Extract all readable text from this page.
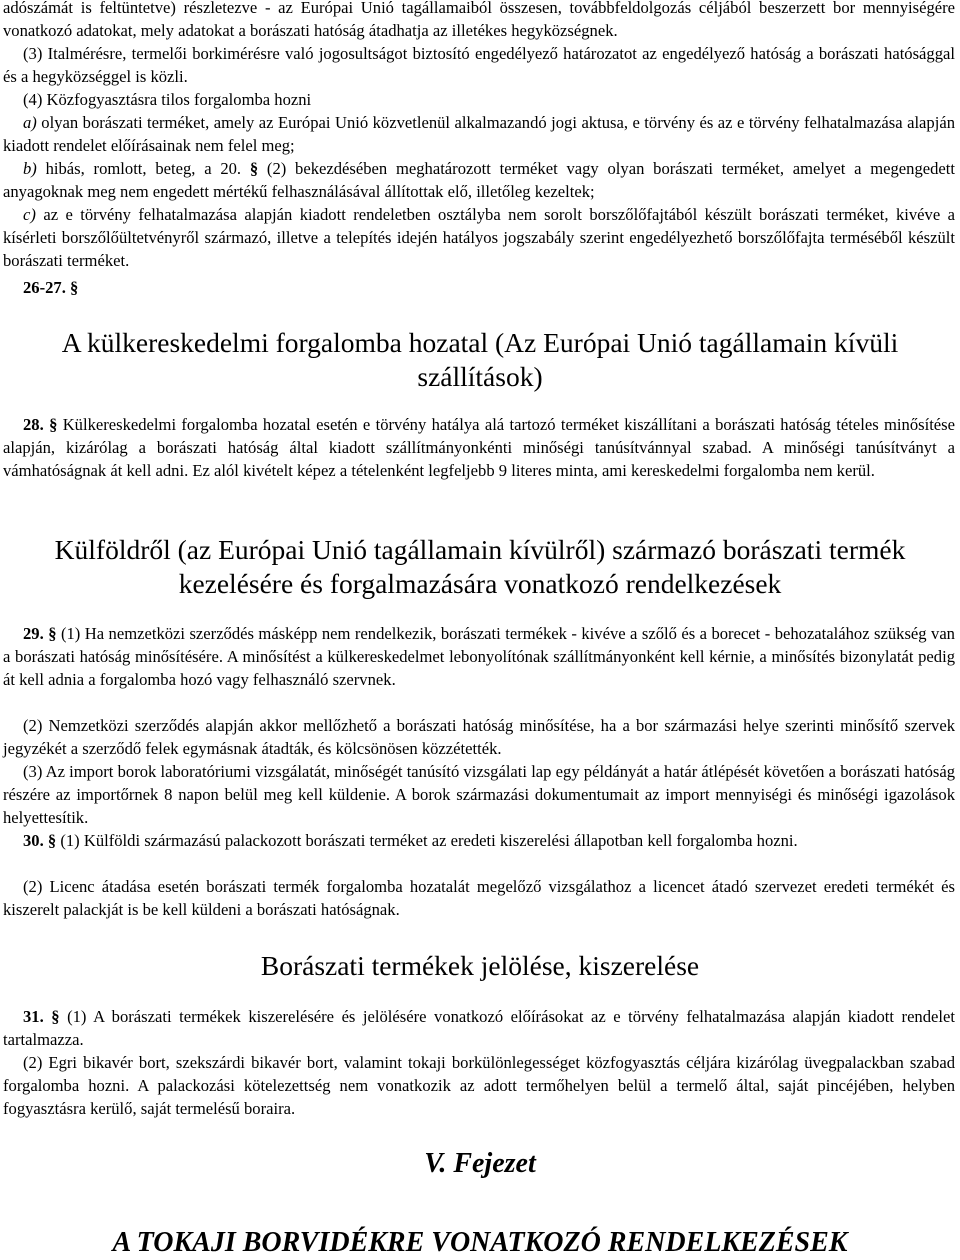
adószámát is feltüntetve) részletezve - az Európai Unió tagállamaiból összesen, továbbfeldolgozás céljából beszerzett bor mennyiségére vonatkozó adatokat, mely adatokat a borászati hatóság átadhatja az illetékes hegyközségnek.

(3) Italmérésre, termelői borkimérésre való jogosultságot biztosító engedélyező határozatot az engedélyező hatóság a borászati hatósággal és a hegyközséggel is közli.

(4) Közfogyasztásra tilos forgalomba hozni

a) olyan borászati terméket, amely az Európai Unió közvetlenül alkalmazandó jogi aktusa, e törvény és az e törvény felhatalmazása alapján kiadott rendelet előírásainak nem felel meg;

b) hibás, romlott, beteg, a 20. § (2) bekezdésében meghatározott terméket vagy olyan borászati terméket, amelyet a megengedett anyagoknak meg nem engedett mértékű felhasználásával állítottak elő, illetőleg kezeltek;

c) az e törvény felhatalmazása alapján kiadott rendeletben osztályba nem sorolt borszőlőfajtából készült borászati terméket, kivéve a kísérleti borszőlőültetvényről származó, illetve a telepítés idején hatályos jogszabály szerint engedélyezhető borszőlőfajta terméséből készült borászati terméket.

26-27. §

A külkereskedelmi forgalomba hozatal (Az Európai Unió tagállamain kívüli szállítások)

28. § Külkereskedelmi forgalomba hozatal esetén e törvény hatálya alá tartozó terméket kiszállítani a borászati hatóság tételes minősítése alapján, kizárólag a borászati hatóság által kiadott szállítmányonkénti minőségi tanúsítvánnyal szabad. A minőségi tanúsítványt a vámhatóságnak át kell adni. Ez alól kivételt képez a tételenként legfeljebb 9 literes minta, ami kereskedelmi forgalomba nem kerül.

Külföldről (az Európai Unió tagállamain kívülről) származó borászati termék kezelésére és forgalmazására vonatkozó rendelkezések

29. § (1) Ha nemzetközi szerződés másképp nem rendelkezik, borászati termékek - kivéve a szőlő és a borecet - behozatalához szükség van a borászati hatóság minősítésére. A minősítést a külkereskedelmet lebonyolítónak szállítmányonként kell kérnie, a minősítés bizonylatát pedig át kell adnia a forgalomba hozó vagy felhasználó szervnek.

(2) Nemzetközi szerződés alapján akkor mellőzhető a borászati hatóság minősítése, ha a bor származási helye szerinti minősítő szervek jegyzékét a szerződő felek egymásnak átadták, és kölcsönösen közzétették.

(3) Az import borok laboratóriumi vizsgálatát, minőségét tanúsító vizsgálati lap egy példányát a határ átlépését követően a borászati hatóság részére az importőrnek 8 napon belül meg kell küldenie. A borok származási dokumentumait az import mennyiségi és minőségi igazolások helyettesítik.

30. § (1) Külföldi származású palackozott borászati terméket az eredeti kiszerelési állapotban kell forgalomba hozni.

(2) Licenc átadása esetén borászati termék forgalomba hozatalát megelőző vizsgálathoz a licencet átadó szervezet eredeti termékét és kiszerelt palackját is be kell küldeni a borászati hatóságnak.

Borászati termékek jelölése, kiszerelése

31. § (1) A borászati termékek kiszerelésére és jelölésére vonatkozó előírásokat az e törvény felhatalmazása alapján kiadott rendelet tartalmazza.

(2) Egri bikavér bort, szekszárdi bikavér bort, valamint tokaji borkülönlegességet közfogyasztás céljára kizárólag üvegpalackban szabad forgalomba hozni. A palackozási kötelezettség nem vonatkozik az adott termőhelyen belül a termelő által, saját pincéjében, helyben fogyasztásra kerülő, saját termelésű boraira.

V. Fejezet
A TOKAJI BORVIDÉKRE VONATKOZÓ RENDELKEZÉSEK
